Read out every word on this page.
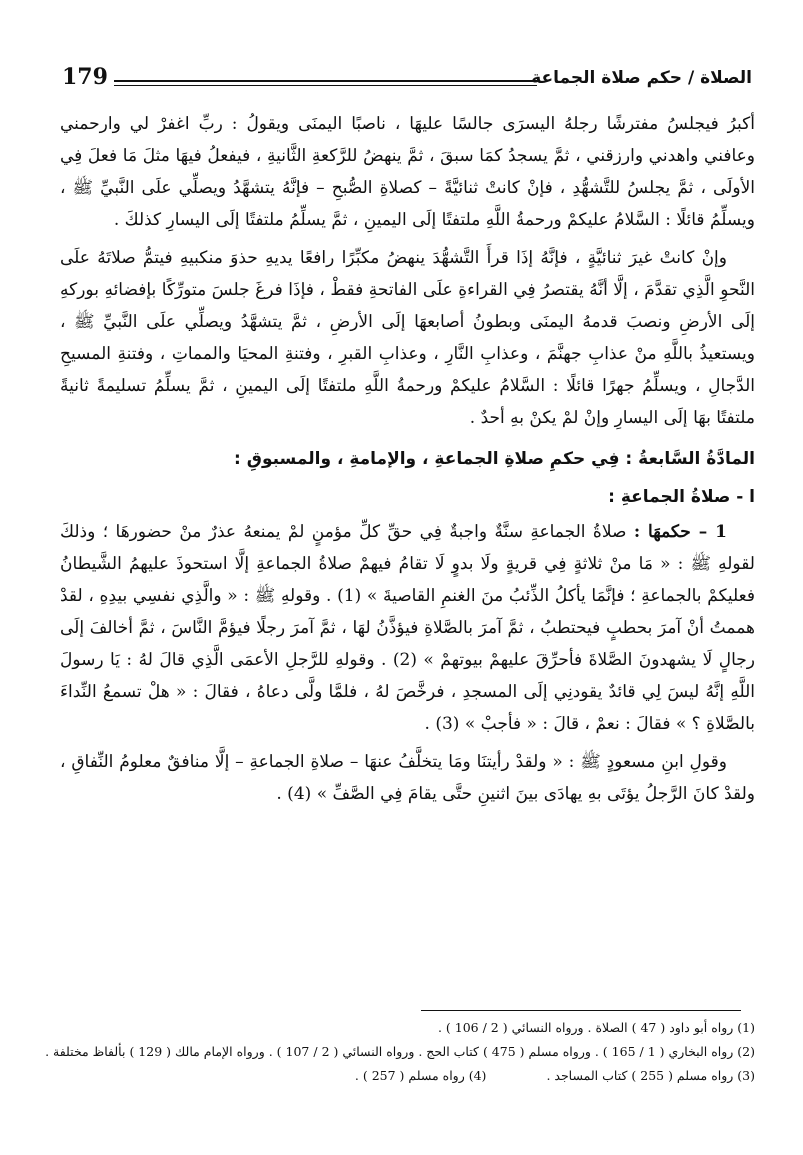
الصلاة / حكم صلاة الجماعة
179

أكبرُ فيجلسُ مفترشًا رجلهُ اليسرَى جالسًا عليهَا ، ناصبًا اليمنَى ويقولُ : ربِّ اغفرْ لي وارحمني وعافني واهدني وارزقني ، ثمَّ يسجدُ كمَا سبقَ ، ثمَّ ينهضُ للرَّكعةِ الثَّانيةِ ، فيفعلُ فيهَا مثلَ مَا فعلَ فِي الأولَى ، ثمَّ يجلسُ للتَّشهُّدِ ، فإنْ كانتْ ثنائيَّةً – كصلاةِ الصُّبحِ – فإنَّهُ يتشهَّدُ ويصلِّي علَى النَّبيِّ ﷺ ، ويسلِّمُ قائلًا : السَّلامُ عليكمْ ورحمةُ اللَّهِ ملتفتًا إلَى اليمينِ ، ثمَّ يسلِّمُ ملتفتًا إلَى اليسارِ كذلكَ .

وإنْ كانتْ غيرَ ثنائيَّةٍ ، فإنَّهُ إذَا قرأَ التَّشهُّدَ ينهضُ مكبِّرًا رافعًا يديهِ حذوَ منكبيهِ فيتمُّ صلاتَهُ علَى النَّحوِ الَّذِي تقدَّمَ ، إلَّا أنَّهُ يقتصرُ فِي القراءةِ علَى الفاتحةِ فقطْ ، فإذَا فرغَ جلسَ متورِّكًا بإفضائهِ بوركهِ إلَى الأرضِ ونصبَ قدمهُ اليمنَى وبطونُ أصابعهَا إلَى الأرضِ ، ثمَّ يتشهَّدُ ويصلِّي علَى النَّبيِّ ﷺ ، ويستعيذُ باللَّهِ منْ عذابِ جهنَّمَ ، وعذابِ النَّارِ ، وعذابِ القبرِ ، وفتنةِ المحيَا والمماتِ ، وفتنةِ المسيحِ الدَّجالِ ، ويسلِّمُ جهرًا قائلًا : السَّلامُ عليكمْ ورحمةُ اللَّهِ ملتفتًا إلَى اليمينِ ، ثمَّ يسلِّمُ تسليمةً ثانيةً ملتفتًا بهَا إلَى اليسارِ وإنْ لمْ يكنْ بهِ أحدٌ .

المادَّةُ السَّابعةُ : فِي حكمِ صلاةِ الجماعةِ ، والإمامةِ ، والمسبوقِ :
ا - صلاةُ الجماعةِ :

1 – حكمهَا : صلاةُ الجماعةِ سنَّةٌ واجبةٌ فِي حقِّ كلِّ مؤمنٍ لمْ يمنعهُ عذرٌ منْ حضورهَا ؛ وذلكَ لقولهِ ﷺ : « مَا منْ ثلاثةٍ فِي قريةٍ ولَا بدوٍ لَا تقامُ فيهمْ صلاةُ الجماعةِ إلَّا استحوذَ عليهمُ الشَّيطانُ فعليكمْ بالجماعةِ ؛ فإنَّمَا يأكلُ الذِّئبُ منَ الغنمِ القاصيةَ » (1) . وقولهِ ﷺ : « والَّذِي نفسِي بيدِهِ ، لقدْ هممتُ أنْ آمرَ بحطبٍ فيحتطبُ ، ثمَّ آمرَ بالصَّلاةِ فيؤذَّنُ لهَا ، ثمَّ آمرَ رجلًا فيؤمَّ النَّاسَ ، ثمَّ أخالفَ إلَى رجالٍ لَا يشهدونَ الصَّلاةَ فأحرِّقَ عليهمْ بيوتهمْ » (2) . وقولهِ للرَّجلِ الأعمَى الَّذِي قالَ لهُ : يَا رسولَ اللَّهِ إنَّهُ ليسَ لِي قائدٌ يقودنِي إلَى المسجدِ ، فرخَّصَ لهُ ، فلمَّا ولَّى دعاهُ ، فقالَ : « هلْ تسمعُ النِّداءَ بالصَّلاةِ ؟ » فقالَ : نعمْ ، قالَ : « فأجبْ » (3) .

وقولِ ابنِ مسعودٍ ﷺ : « ولقدْ رأيتنَا ومَا يتخلَّفُ عنهَا – صلاةِ الجماعةِ – إلَّا منافقٌ معلومُ النِّفاقِ ، ولقدْ كانَ الرَّجلُ يؤتَى بهِ يهادَى بينَ اثنينِ حتَّى يقامَ فِي الصَّفِّ » (4) .

(1) رواه أبو داود ( 47 ) الصلاة . ورواه النسائي ( 2 / 106 ) .
(2) رواه البخاري ( 1 / 165 ) . ورواه مسلم ( 475 ) كتاب الحج . ورواه النسائي ( 2 / 107 ) . ورواه الإمام مالك ( 129 ) بألفاظ مختلفة .
(3) رواه مسلم ( 255 ) كتاب المساجد .
(4) رواه مسلم ( 257 ) .
